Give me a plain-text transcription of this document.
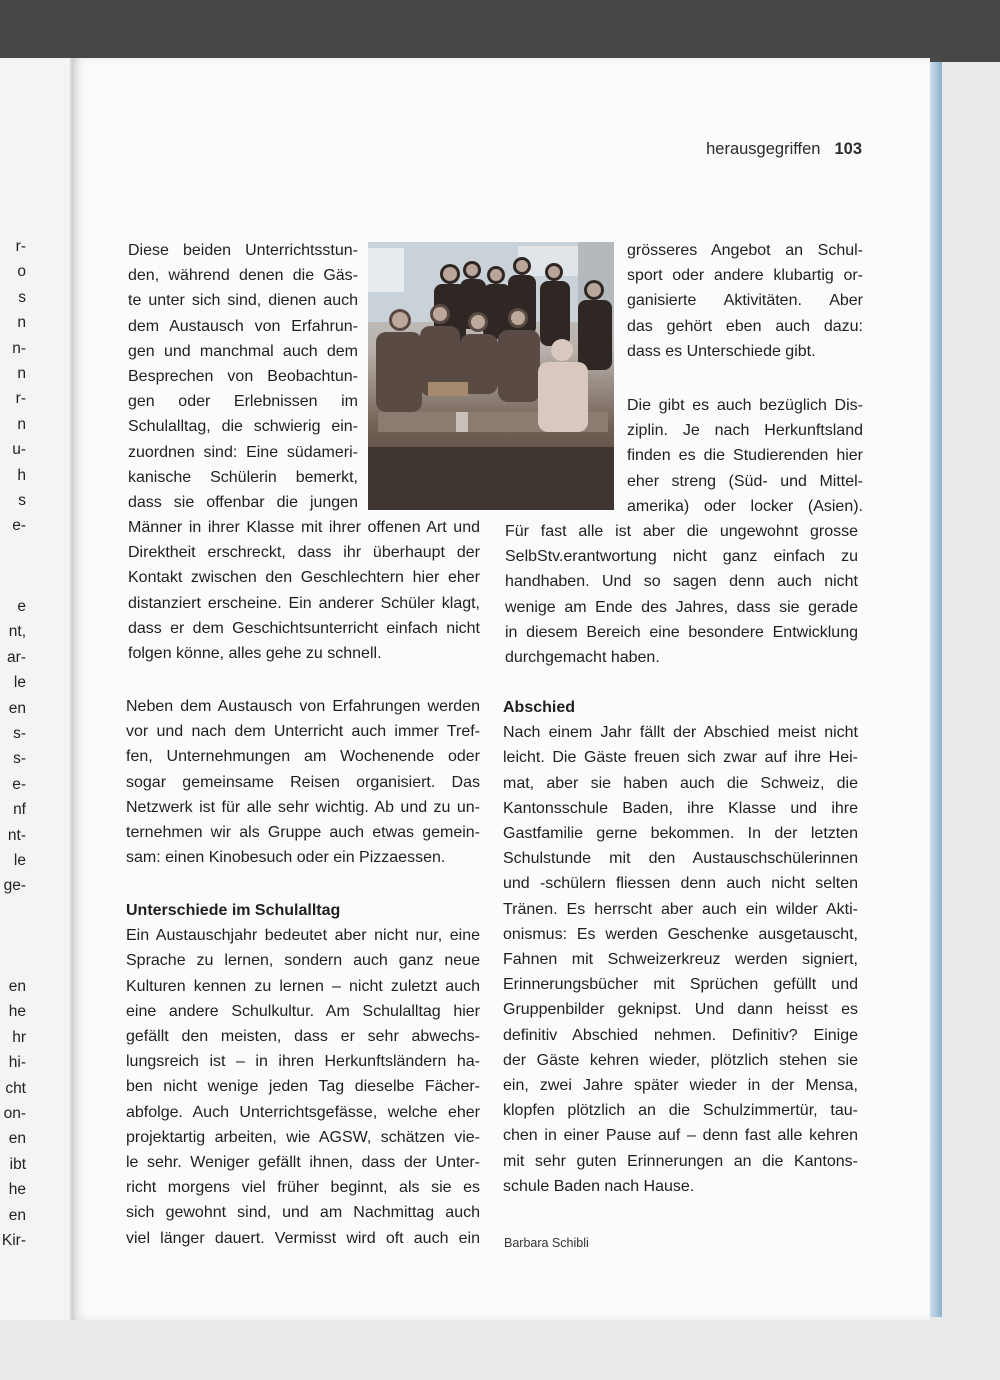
r-
o
s
n
n-
n
r-
n
u-
h
s
e-
e
nt,
ar-
le
en
s-
s-
e-
nf
nt-
le
ge-
en
he
hr
hi-
cht
on-
en
ibt
he
en
Kir-
herausgegriffen 103
Diese beiden Unterrichtsstun-
den, während denen die Gäs-
te unter sich sind, dienen auch
dem Austausch von Erfahrun-
gen und manchmal auch dem
Besprechen von Beobachtun-
gen oder Erlebnissen im
Schulalltag, die schwierig ein-
zuordnen sind: Eine südameri-
kanische Schülerin bemerkt,
dass sie offenbar die jungen
Männer in ihrer Klasse mit ihrer offenen Art und
Direktheit erschreckt, dass ihr überhaupt der
Kontakt zwischen den Geschlechtern hier eher
distanziert erscheine. Ein anderer Schüler klagt,
dass er dem Geschichtsunterricht einfach nicht
folgen könne, alles gehe zu schnell.
Neben dem Austausch von Erfahrungen werden
vor und nach dem Unterricht auch immer Tref-
fen, Unternehmungen am Wochenende oder
sogar gemeinsame Reisen organisiert. Das
Netzwerk ist für alle sehr wichtig. Ab und zu un-
ternehmen wir als Gruppe auch etwas gemein-
sam: einen Kinobesuch oder ein Pizzaessen.
Unterschiede im Schulalltag
Ein Austauschjahr bedeutet aber nicht nur, eine
Sprache zu lernen, sondern auch ganz neue
Kulturen kennen zu lernen – nicht zuletzt auch
eine andere Schulkultur. Am Schulalltag hier
gefällt den meisten, dass er sehr abwechs-
lungsreich ist – in ihren Herkunftsländern ha-
ben nicht wenige jeden Tag dieselbe Fächer-
abfolge. Auch Unterrichtsgefässe, welche eher
projektartig arbeiten, wie AGSW, schätzen vie-
le sehr. Weniger gefällt ihnen, dass der Unter-
richt morgens viel früher beginnt, als sie es
sich gewohnt sind, und am Nachmittag auch
viel länger dauert. Vermisst wird oft auch ein
grösseres Angebot an Schul-
sport oder andere klubartig or-
ganisierte Aktivitäten. Aber
das gehört eben auch dazu:
dass es Unterschiede gibt.
Die gibt es auch bezüglich Dis-
ziplin. Je nach Herkunftsland
finden es die Studierenden hier
eher streng (Süd- und Mittel-
amerika) oder locker (Asien).
Für fast alle ist aber die ungewohnt grosse
SelbStv.erantwortung nicht ganz einfach zu
handhaben. Und so sagen denn auch nicht
wenige am Ende des Jahres, dass sie gerade
in diesem Bereich eine besondere Entwicklung
durchgemacht haben.
Abschied
Nach einem Jahr fällt der Abschied meist nicht
leicht. Die Gäste freuen sich zwar auf ihre Hei-
mat, aber sie haben auch die Schweiz, die
Kantonsschule Baden, ihre Klasse und ihre
Gastfamilie gerne bekommen. In der letzten
Schulstunde mit den Austauschschülerinnen
und -schülern fliessen denn auch nicht selten
Tränen. Es herrscht aber auch ein wilder Akti-
onismus: Es werden Geschenke ausgetauscht,
Fahnen mit Schweizerkreuz werden signiert,
Erinnerungsbücher mit Sprüchen gefüllt und
Gruppenbilder geknipst. Und dann heisst es
definitiv Abschied nehmen. Definitiv? Einige
der Gäste kehren wieder, plötzlich stehen sie
ein, zwei Jahre später wieder in der Mensa,
klopfen plötzlich an die Schulzimmertür, tau-
chen in einer Pause auf – denn fast alle kehren
mit sehr guten Erinnerungen an die Kantons-
schule Baden nach Hause.
Barbara Schibli
